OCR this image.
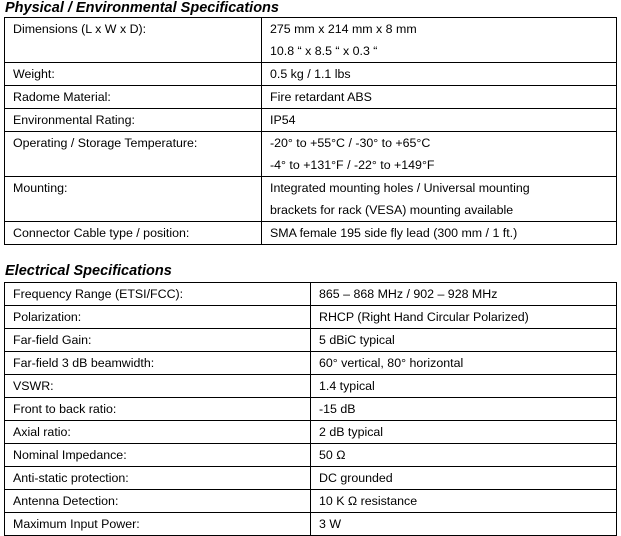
Physical / Environmental Specifications
Dimensions (L x W x D):	275 mm x 214 mm x 8 mm
10.8 “ x 8.5 “ x 0.3 “

Weight:	0.5 kg / 1.1 lbs

Radome Material:	Fire retardant ABS

Environmental Rating:	IP54

Operating / Storage Temperature:	-20° to +55°C / -30° to +65°C
-4° to +131°F / -22° to +149°F

Mounting:	Integrated mounting holes / Universal mounting
brackets for rack (VESA) mounting available

Connector Cable type / position:	SMA female 195 side fly lead (300 mm / 1 ft.)
Electrical Specifications
Frequency Range (ETSI/FCC):	865 – 868 MHz / 902 – 928 MHz

Polarization:	RHCP (Right Hand Circular Polarized)

Far-field Gain:	5 dBiC typical

Far-field 3 dB beamwidth:	60° vertical, 80° horizontal

VSWR:	1.4 typical

Front to back ratio:	-15 dB

Axial ratio:	2 dB typical

Nominal Impedance:	50 Ω

Anti-static protection:	DC grounded

Antenna Detection:	10 K Ω resistance

Maximum Input Power:	3 W
